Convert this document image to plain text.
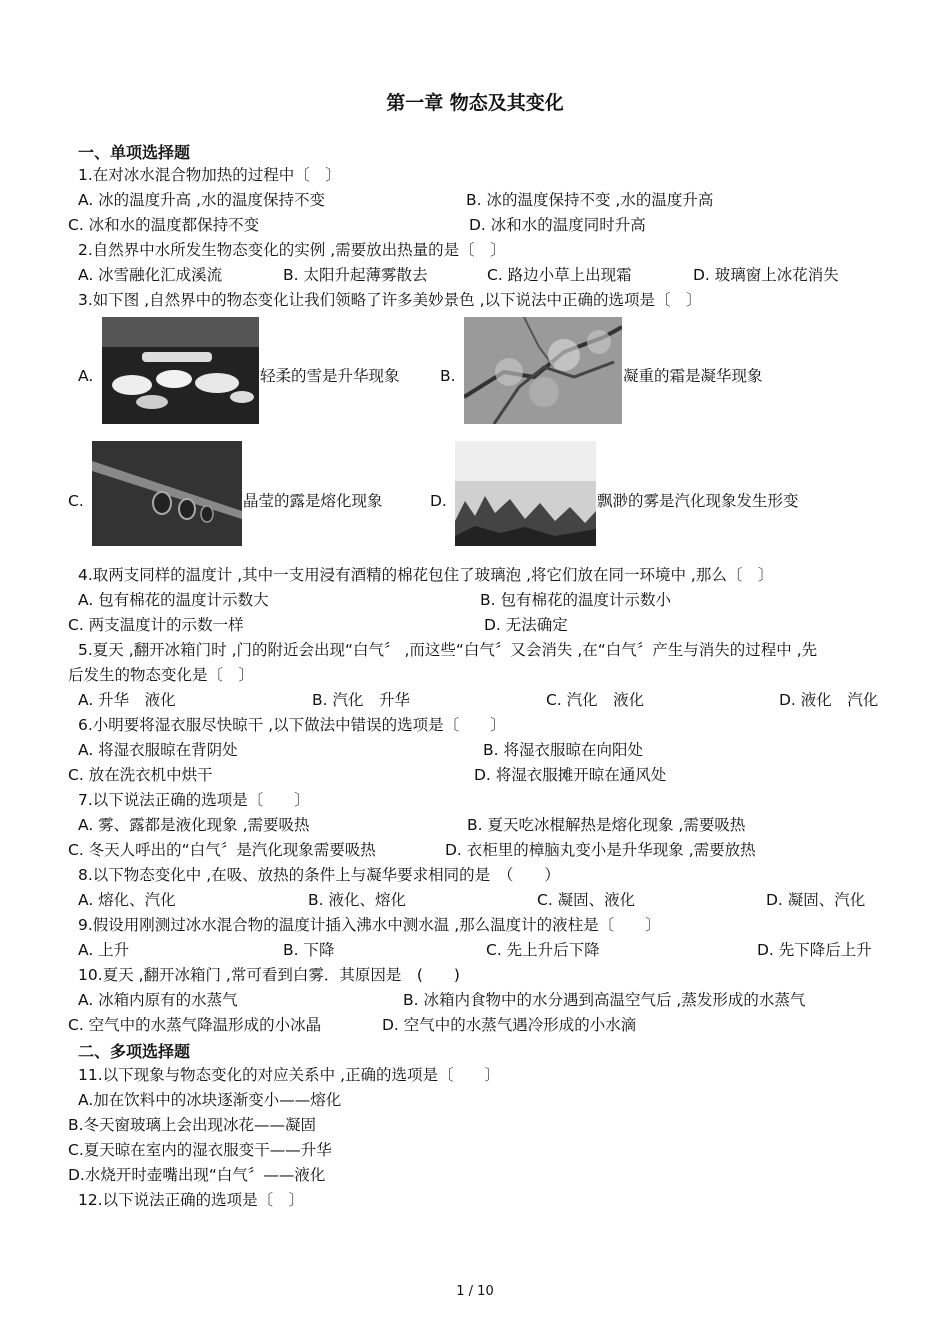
第一章 物态及其变化
一、单项选择题
1.在对冰水混合物加热的过程中〔　〕
A. 冰的温度升高 ,水的温度保持不变	B. 冰的温度保持不变 ,水的温度升高
C. 冰和水的温度都保持不变	D. 冰和水的温度同时升高
2.自然界中水所发生物态变化的实例 ,需要放出热量的是〔　〕
A. 冰雪融化汇成溪流	B. 太阳升起薄雾散去	C. 路边小草上出现霜	D. 玻璃窗上冰花消失
3.如下图 ,自然界中的物态变化让我们领略了许多美妙景色 ,以下说法中正确的选项是〔　〕
A.	轻柔的雪是升华现象	B.	凝重的霜是凝华现象
C.	晶莹的露是熔化现象	D.	飘渺的雾是汽化现象发生形变
4.取两支同样的温度计 ,其中一支用浸有酒精的棉花包住了玻璃泡 ,将它们放在同一环境中 ,那么〔　〕
A. 包有棉花的温度计示数大	B. 包有棉花的温度计示数小
C. 两支温度计的示数一样	D. 无法确定
5.夏天 ,翻开冰箱门时 ,门的附近会出现“白气〞 ,而这些“白气〞又会消失 ,在“白气〞产生与消失的过程中 ,先
后发生的物态变化是〔　〕
A. 升华　液化	B. 汽化　升华	C. 汽化　液化	D. 液化　汽化
6.小明要将湿衣服尽快晾干 ,以下做法中错误的选项是〔　　〕
A. 将湿衣服晾在背阴处	B. 将湿衣服晾在向阳处
C. 放在洗衣机中烘干	D. 将湿衣服摊开晾在通风处
7.以下说法正确的选项是〔　　〕
A. 雾、露都是液化现象 ,需要吸热	B. 夏天吃冰棍解热是熔化现象 ,需要吸热
C. 冬天人呼出的“白气〞是汽化现象需要吸热	D. 衣柜里的樟脑丸变小是升华现象 ,需要放热
8.以下物态变化中 ,在吸、放热的条件上与凝华要求相同的是　（　　）
A. 熔化、汽化	B. 液化、熔化	C. 凝固、液化	D. 凝固、汽化
9.假设用刚测过冰水混合物的温度计插入沸水中测水温 ,那么温度计的液柱是〔　　〕
A. 上升	B. 下降	C. 先上升后下降	D. 先下降后上升
10.夏天 ,翻开冰箱门 ,常可看到白雾．其原因是　(　　)
A. 冰箱内原有的水蒸气	B. 冰箱内食物中的水分遇到高温空气后 ,蒸发形成的水蒸气
C. 空气中的水蒸气降温形成的小冰晶	D. 空气中的水蒸气遇冷形成的小水滴
二、多项选择题
11.以下现象与物态变化的对应关系中 ,正确的选项是〔　　〕
A.加在饮料中的冰块逐渐变小——熔化
B.冬天窗玻璃上会出现冰花——凝固
C.夏天晾在室内的湿衣服变干——升华
D.水烧开时壶嘴出现“白气〞——液化
12.以下说法正确的选项是〔　〕
1 / 10
